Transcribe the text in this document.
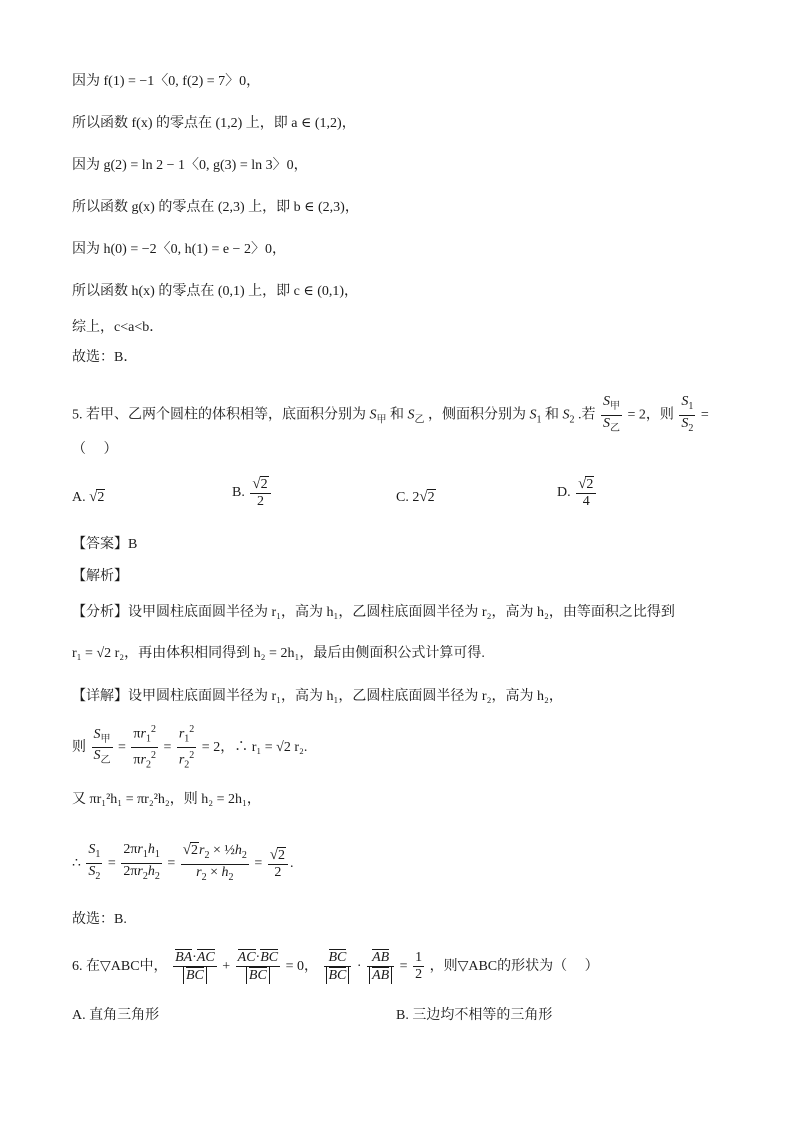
因为 f(1) = −1〈0, f(2) = 7〉0，
所以函数 f(x) 的零点在 (1,2) 上，即 a ∈ (1,2)，
因为 g(2) = ln 2 − 1〈0, g(3) = ln 3〉0，
所以函数 g(x) 的零点在 (2,3) 上，即 b ∈ (2,3)，
因为 h(0) = −2〈0, h(1) = e − 2〉0，
所以函数 h(x) 的零点在 (0,1) 上，即 c ∈ (0,1)，
综上，c<a<b．
故选：B．
5. 若甲、乙两个圆柱的体积相等，底面积分别为 $S_甲$ 和 $S_乙$ ，侧面积分别为 $S_1$ 和 $S_2$ .若 $\frac{S_甲}{S_乙} = 2$，则 $\frac{S_1}{S_2}$ =
（　 ）
A. √2	B. $\frac{√2}{2}$	C. 2√2	D. $\frac{√2}{4}$
【答案】B
【解析】
【分析】设甲圆柱底面圆半径为 r₁，高为 h₁，乙圆柱底面圆半径为 r₂，高为 h₂，由等面积之比得到
r₁ = √2 r₂，再由体积相同得到 h₂ = 2h₁，最后由侧面积公式计算可得.
【详解】设甲圆柱底面圆半径为 r₁，高为 h₁，乙圆柱底面圆半径为 r₂，高为 h₂，
则 $\frac{S_甲}{S_乙} = \frac{\pi r_1^2}{\pi r_2^2} = \frac{r_1^2}{r_2^2} = 2$，∴ r₁ = √2 r₂.
又 πr₁²h₁ = πr₂²h₂，则 h₂ = 2h₁，
∴ $\frac{S_1}{S_2} = \frac{2\pi r_1h_1}{2\pi r_2h_2} = \frac{√2r_2 \times \frac{1}{2}h_2}{r_2 \times h_2} = \frac{√2}{2}$ .
故选：B.
6. 在▽ABC中， $\frac{BA\cdot AC}{BC} + \frac{AC\cdot BC}{BC} = 0$， $\frac{BC}{BC} \cdot \frac{AB}{AB} = \frac{1}{2}$ ，则▽ABC的形状为（　 ）
A. 直角三角形	B. 三边均不相等的三角形
